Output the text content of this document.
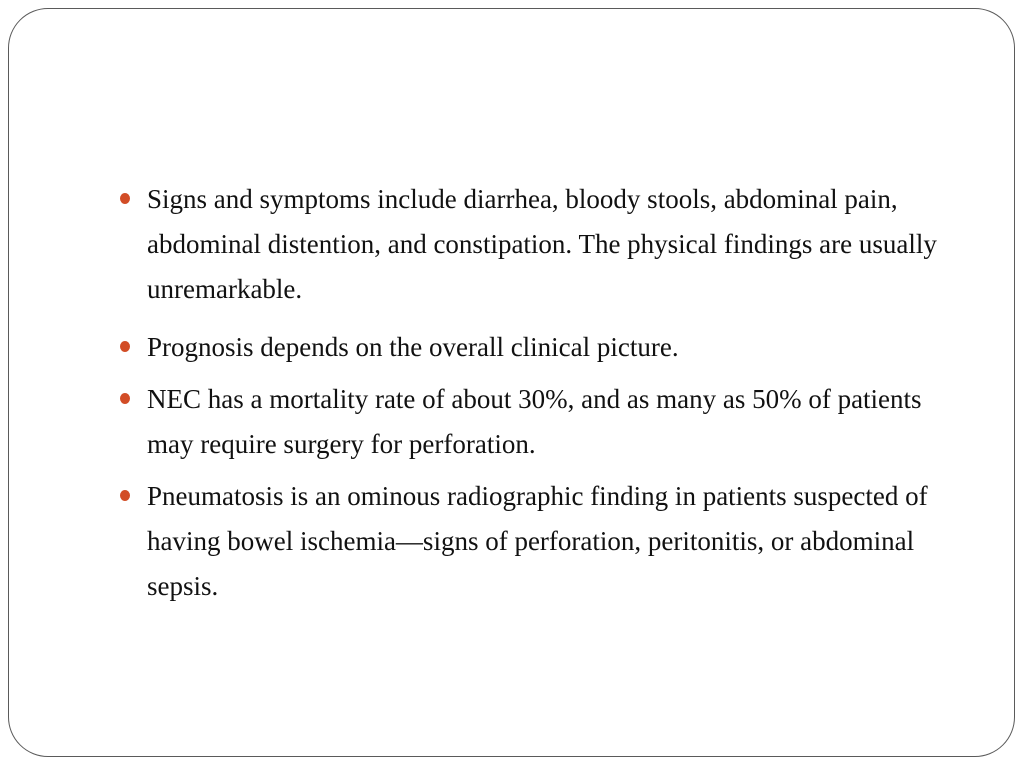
Signs and symptoms include diarrhea, bloody stools, abdominal pain, abdominal distention, and constipation. The physical findings are usually unremarkable.
Prognosis depends on the overall clinical picture.
NEC has a mortality rate of about 30%, and as many as 50% of patients may require surgery for perforation.
Pneumatosis is an ominous radiographic finding in patients suspected of having bowel ischemia—signs of perforation, peritonitis, or abdominal sepsis.
